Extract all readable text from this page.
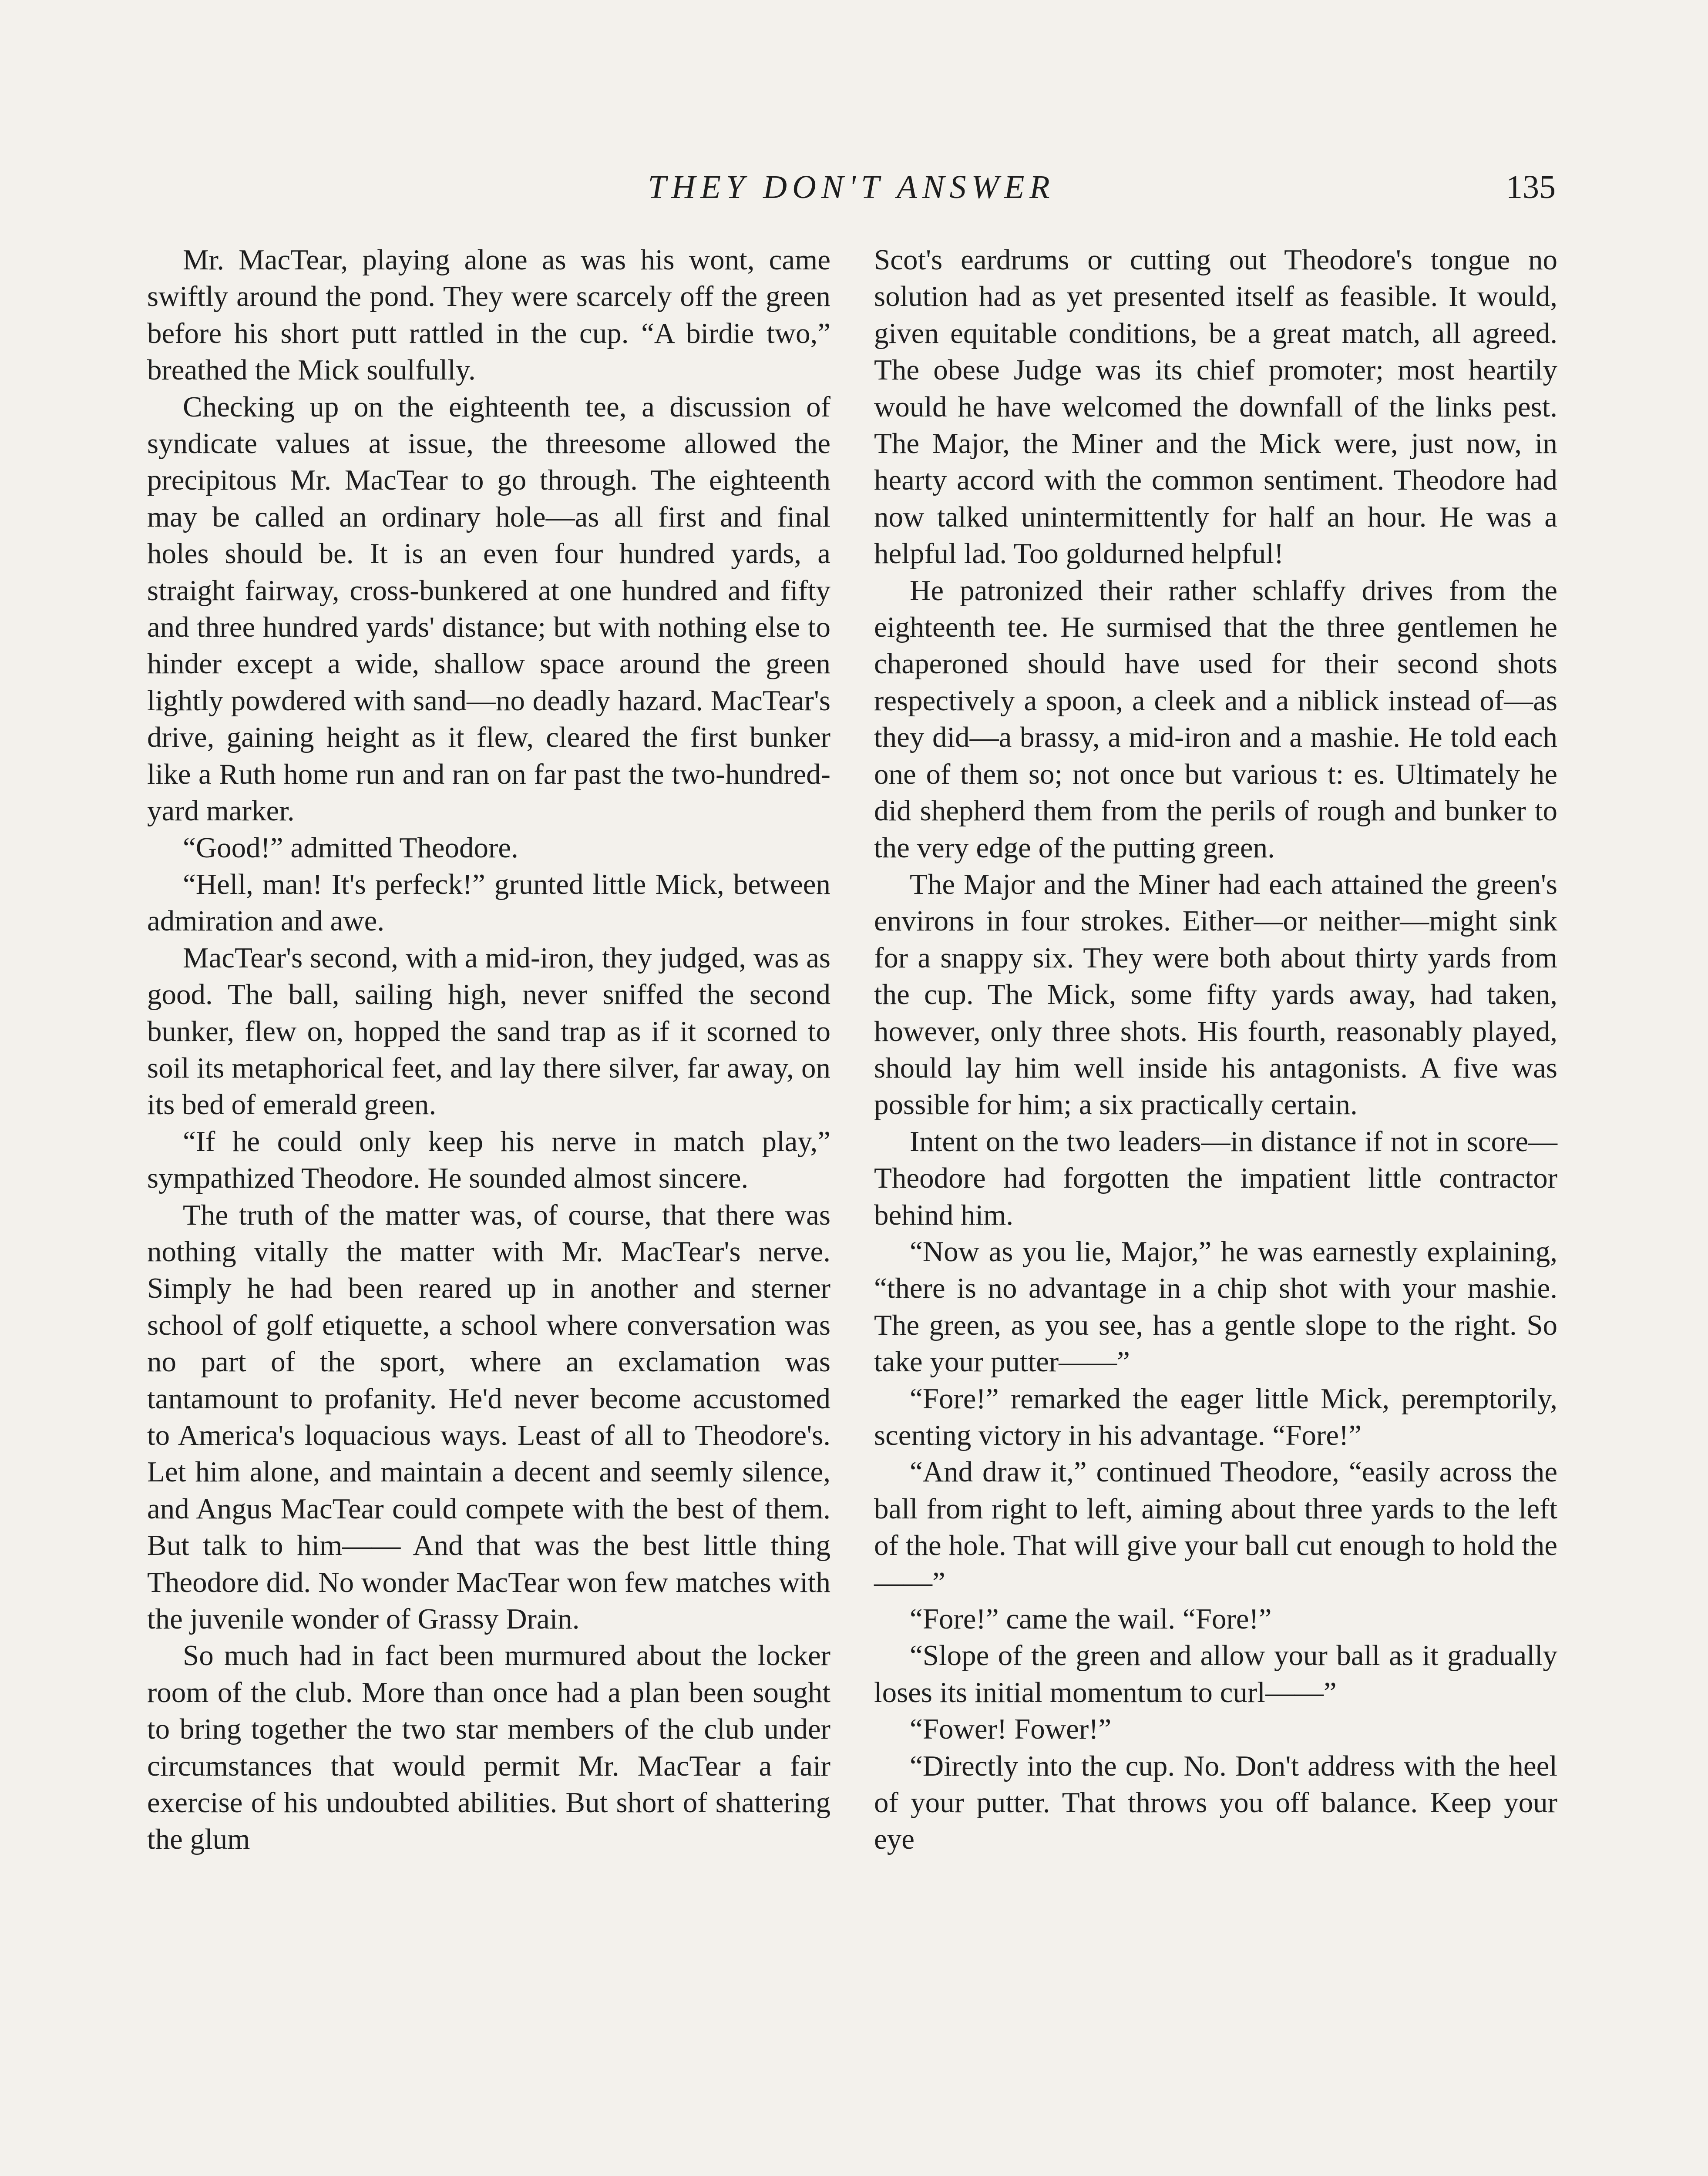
THEY DON'T ANSWER	135

Mr. MacTear, playing alone as was his wont, came swiftly around the pond. They were scarcely off the green before his short putt rattled in the cup. “A birdie two,” breathed the Mick soulfully.

Checking up on the eighteenth tee, a discussion of syndicate values at issue, the threesome allowed the precipitous Mr. MacTear to go through. The eighteenth may be called an ordinary hole—as all first and final holes should be. It is an even four hundred yards, a straight fairway, cross-bunkered at one hundred and fifty and three hundred yards' distance; but with nothing else to hinder except a wide, shallow space around the green lightly powdered with sand—no deadly hazard. MacTear's drive, gaining height as it flew, cleared the first bunker like a Ruth home run and ran on far past the two-hundred-yard marker.

“Good!” admitted Theodore.

“Hell, man! It's perfeck!” grunted little Mick, between admiration and awe.

MacTear's second, with a mid-iron, they judged, was as good. The ball, sailing high, never sniffed the second bunker, flew on, hopped the sand trap as if it scorned to soil its metaphorical feet, and lay there silver, far away, on its bed of emerald green.

“If he could only keep his nerve in match play,” sympathized Theodore. He sounded almost sincere.

The truth of the matter was, of course, that there was nothing vitally the matter with Mr. MacTear's nerve. Simply he had been reared up in another and sterner school of golf etiquette, a school where conversation was no part of the sport, where an exclamation was tantamount to profanity. He'd never become accustomed to America's loquacious ways. Least of all to Theodore's. Let him alone, and maintain a decent and seemly silence, and Angus MacTear could compete with the best of them. But talk to him—— And that was the best little thing Theodore did. No wonder MacTear won few matches with the juvenile wonder of Grassy Drain.

So much had in fact been murmured about the locker room of the club. More than once had a plan been sought to bring together the two star members of the club under circumstances that would permit Mr. MacTear a fair exercise of his undoubted abilities. But short of shattering the glum

Scot's eardrums or cutting out Theodore's tongue no solution had as yet presented itself as feasible. It would, given equitable conditions, be a great match, all agreed. The obese Judge was its chief promoter; most heartily would he have welcomed the downfall of the links pest. The Major, the Miner and the Mick were, just now, in hearty accord with the common sentiment. Theodore had now talked unintermittently for half an hour. He was a helpful lad. Too goldurned helpful!

He patronized their rather schlaffy drives from the eighteenth tee. He surmised that the three gentlemen he chaperoned should have used for their second shots respectively a spoon, a cleek and a niblick instead of—as they did—a brassy, a mid-iron and a mashie. He told each one of them so; not once but various t: es. Ultimately he did shepherd them from the perils of rough and bunker to the very edge of the putting green.

The Major and the Miner had each attained the green's environs in four strokes. Either—or neither—might sink for a snappy six. They were both about thirty yards from the cup. The Mick, some fifty yards away, had taken, however, only three shots. His fourth, reasonably played, should lay him well inside his antagonists. A five was possible for him; a six practically certain.

Intent on the two leaders—in distance if not in score—Theodore had forgotten the impatient little contractor behind him.

“Now as you lie, Major,” he was earnestly explaining, “there is no advantage in a chip shot with your mashie. The green, as you see, has a gentle slope to the right. So take your putter——”

“Fore!” remarked the eager little Mick, peremptorily, scenting victory in his advantage. “Fore!”

“And draw it,” continued Theodore, “easily across the ball from right to left, aiming about three yards to the left of the hole. That will give your ball cut enough to hold the——”

“Fore!” came the wail. “Fore!”

“Slope of the green and allow your ball as it gradually loses its initial momentum to curl——”

“Fower! Fower!”

“Directly into the cup. No. Don't address with the heel of your putter. That throws you off balance. Keep your eye
